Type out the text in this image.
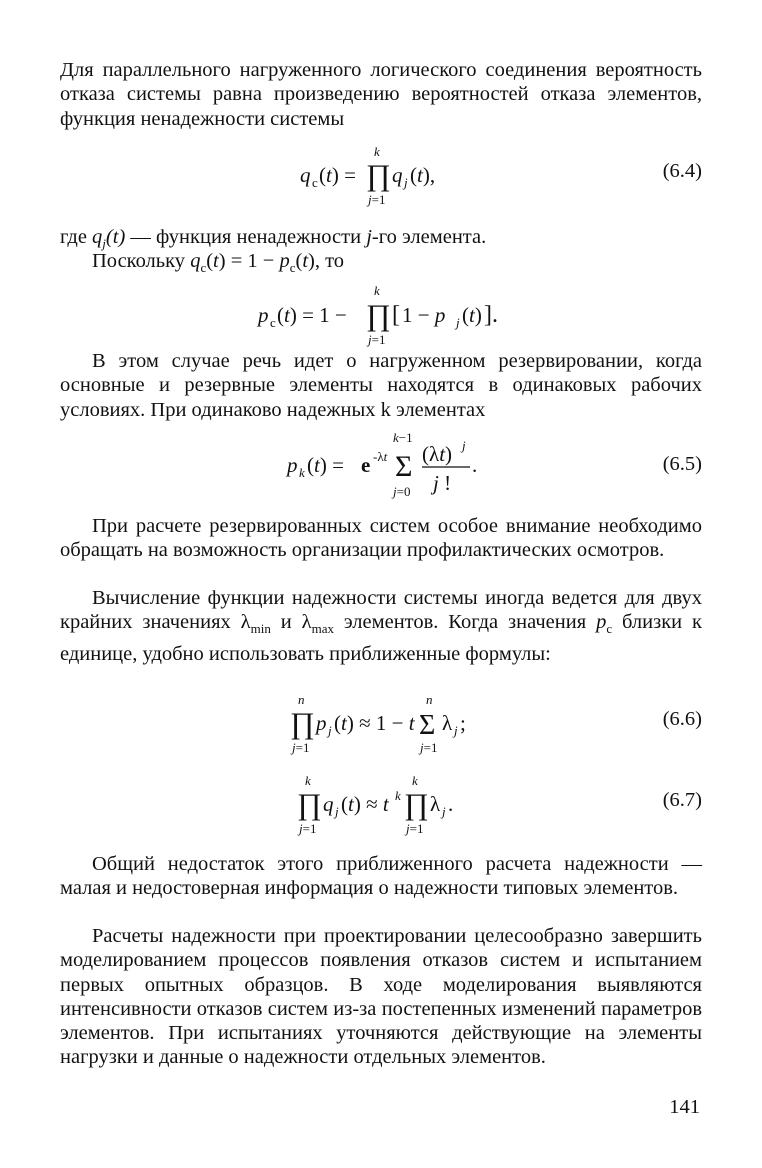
Для параллельного нагруженного логического соединения вероятность отказа системы равна произведению вероятностей отказа элементов, функция ненадежности системы

q c (t) =
k
∏
j=1
q j (t),	(6.4)

где $q_j(t)$ — функция ненадежности j-го элемента.

Поскольку $q_c(t) = 1 - p_c(t)$, то

p c (t) = 1 −
k
∏
j=1
[ 1 − p j (t) ].

В этом случае речь идет о нагруженном резервировании, когда основные и резервные элементы находятся в одинаковых рабочих условиях. При одинаково надежных k элементах

p k (t) = e -λt
k−1
Σ
j=0
(λt) j
j !
.	(6.5)

При расчете резервированных систем особое внимание необходимо обращать на возможность организации профилактических осмотров.

Вычисление функции надежности системы иногда ведется для двух крайних значениях $\lambda_{min}$ и $\lambda_{max}$ элементов. Когда значения $p_c$ близки к единице, удобно использовать приближенные формулы:

n
∏
j=1
p j (t) ≈ 1 − t
n
Σ
j=1
λ j ;	(6.6)
k
∏
j=1
q j (t) ≈ t k
k
∏
j=1
λ j .	(6.7)

Общий недостаток этого приближенного расчета надежности — малая и недостоверная информация о надежности типовых элементов.

Расчеты надежности при проектировании целесообразно завершить моделированием процессов появления отказов систем и испытанием первых опытных образцов. В ходе моделирования выявляются интенсивности отказов систем из-за постепенных изменений параметров элементов. При испытаниях уточняются действующие на элементы нагрузки и данные о надежности отдельных элементов.

141
